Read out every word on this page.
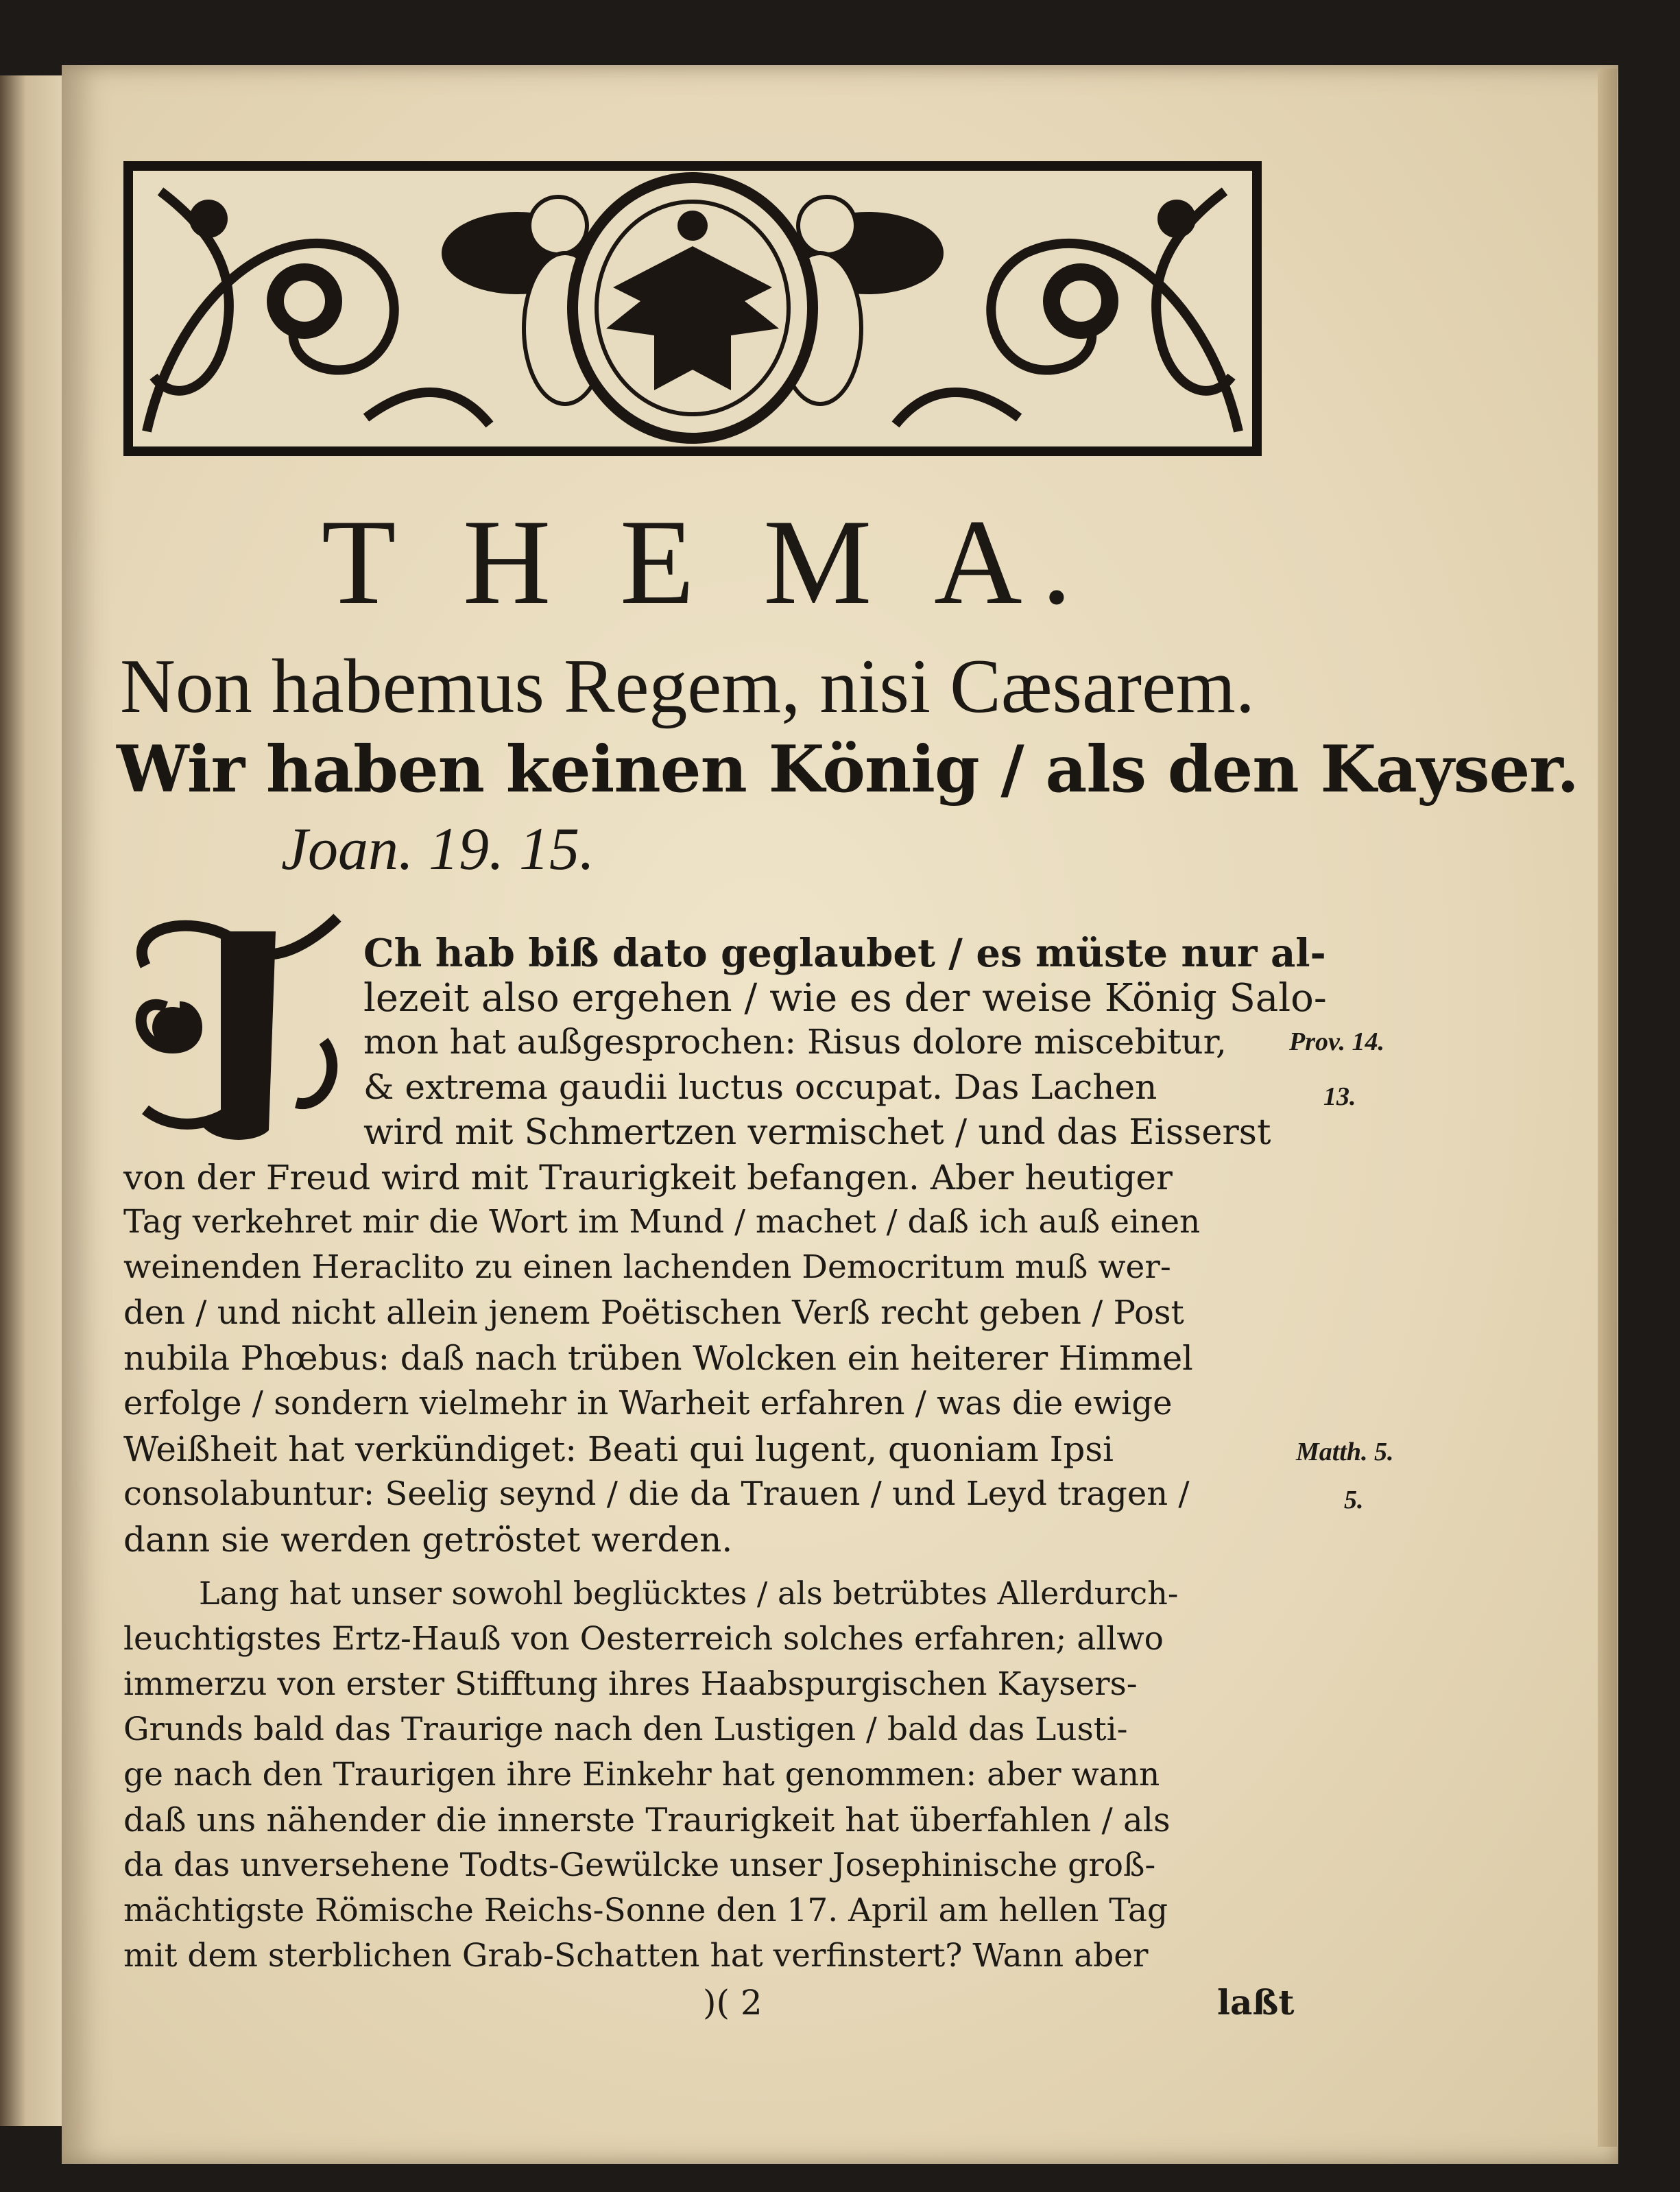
T H E M A.
Non habemus Regem, nisi Cæsarem.
Wir haben keinen König / als den Kayser.
Joan. 19. 15.
Ch hab biß dato geglaubet / es müste nur al-
lezeit also ergehen / wie es der weise König Salo-
mon hat außgesprochen: Risus dolore miscebitur,
& extrema gaudii luctus occupat. Das Lachen
wird mit Schmertzen vermischet / und das Eisserst
von der Freud wird mit Traurigkeit befangen. Aber heutiger
Tag verkehret mir die Wort im Mund / machet / daß ich auß einen
weinenden Heraclito zu einen lachenden Democritum muß wer-
den / und nicht allein jenem Poëtischen Verß recht geben / Post
nubila Phœbus: daß nach trüben Wolcken ein heiterer Himmel
erfolge / sondern vielmehr in Warheit erfahren / was die ewige
Weißheit hat verkündiget: Beati qui lugent, quoniam Ipsi
consolabuntur: Seelig seynd / die da Trauen / und Leyd tragen /
dann sie werden getröstet werden.
Lang hat unser sowohl beglücktes / als betrübtes Allerdurch-
leuchtigstes Ertz-Hauß von Oesterreich solches erfahren; allwo
immerzu von erster Stifftung ihres Haabspurgischen Kaysers-
Grunds bald das Traurige nach den Lustigen / bald das Lusti-
ge nach den Traurigen ihre Einkehr hat genommen: aber wann
daß uns nähender die innerste Traurigkeit hat überfahlen / als
da das unversehene Todts-Gewülcke unser Josephinische groß-
mächtigste Römische Reichs-Sonne den 17. April am hellen Tag
mit dem sterblichen Grab-Schatten hat verfinstert? Wann aber
Prov. 14.
13.
Matth. 5.
5.
)( 2	laßt
